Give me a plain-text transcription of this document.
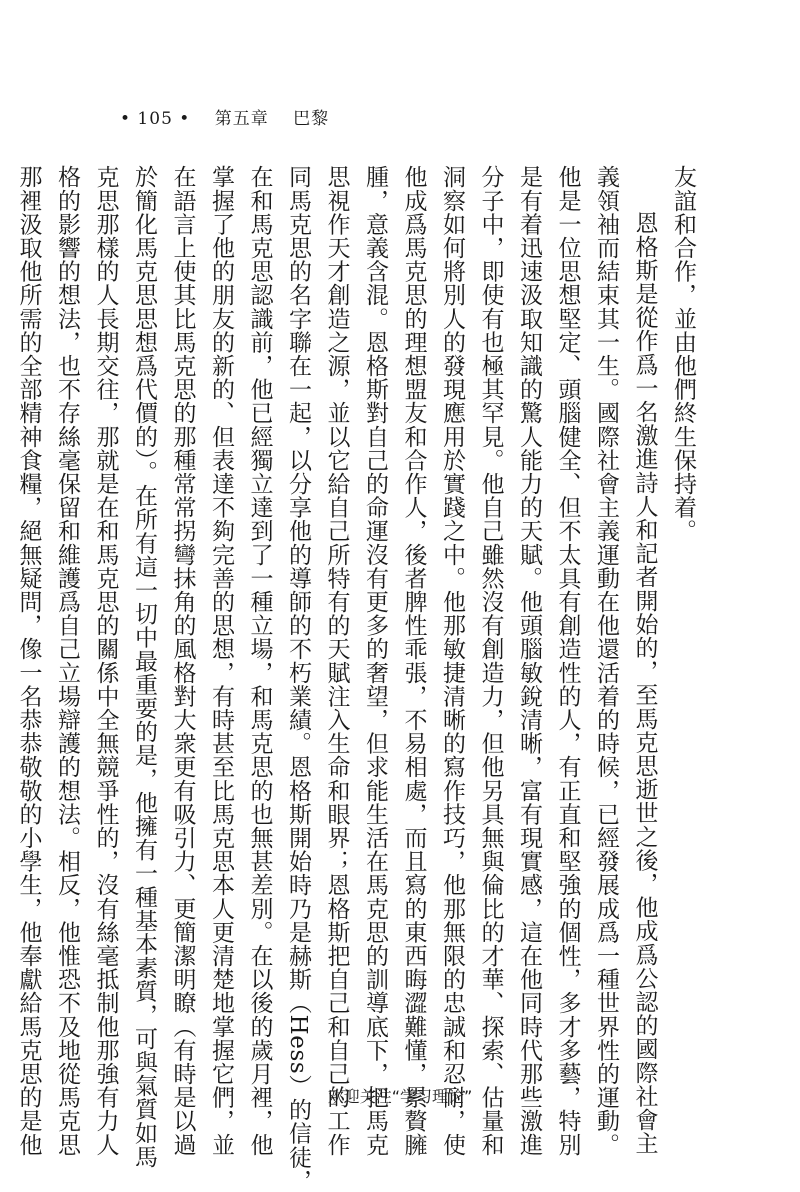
• 105 • 第五章 巴黎
友誼和合作，並由他們終生保持着。
恩格斯是從作爲一名激進詩人和記者開始的，至馬克思逝世之後，他成爲公認的國際社會主
義領袖而結束其一生。國際社會主義運動在他還活着的時候，已經發展成爲一種世界性的運動。
他是一位思想堅定、頭腦健全、但不太具有創造性的人，有正直和堅強的個性，多才多藝，特別
是有着迅速汲取知識的驚人能力的天賦。他頭腦敏銳清晰，富有現實感，這在他同時代那些激進
分子中，即使有也極其罕見。他自己雖然沒有創造力，但他另具無與倫比的才華、探索、估量和
洞察如何將別人的發現應用於實踐之中。他那敏捷清晰的寫作技巧，他那無限的忠誠和忍耐，使
他成爲馬克思的理想盟友和合作人，後者脾性乖張，不易相處，而且寫的東西晦澀難懂，累贅臃
腫，意義含混。恩格斯對自己的命運沒有更多的奢望，但求能生活在馬克思的訓導底下，把馬克
思視作天才創造之源，並以它給自己所特有的天賦注入生命和眼界；恩格斯把自己和自己的工作
同馬克思的名字聯在一起，以分享他的導師的不朽業績。恩格斯開始時乃是赫斯（Hess）的信徒，
在和馬克思認識前，他已經獨立達到了一種立場，和馬克思的也無甚差別。在以後的歲月裡，他
掌握了他的朋友的新的、但表達不夠完善的思想，有時甚至比馬克思本人更清楚地掌握它們，並
在語言上使其比馬克思的那種常常拐彎抹角的風格對大衆更有吸引力、更簡潔明瞭（有時是以過
於簡化馬克思思想爲代價的）。在所有這一切中最重要的是，他擁有一種基本素質，可與氣質如馬
克思那樣的人長期交往，那就是在和馬克思的關係中全無競爭性的，沒有絲毫抵制他那強有力人
格的影響的想法，也不存絲毫保留和維護爲自己立場辯護的想法。相反，他惟恐不及地從馬克思
那裡汲取他所需的全部精神食糧，絕無疑問，像一名恭恭敬敬的小學生，他奉獻給馬克思的是他	欢迎关注“学习理论”
